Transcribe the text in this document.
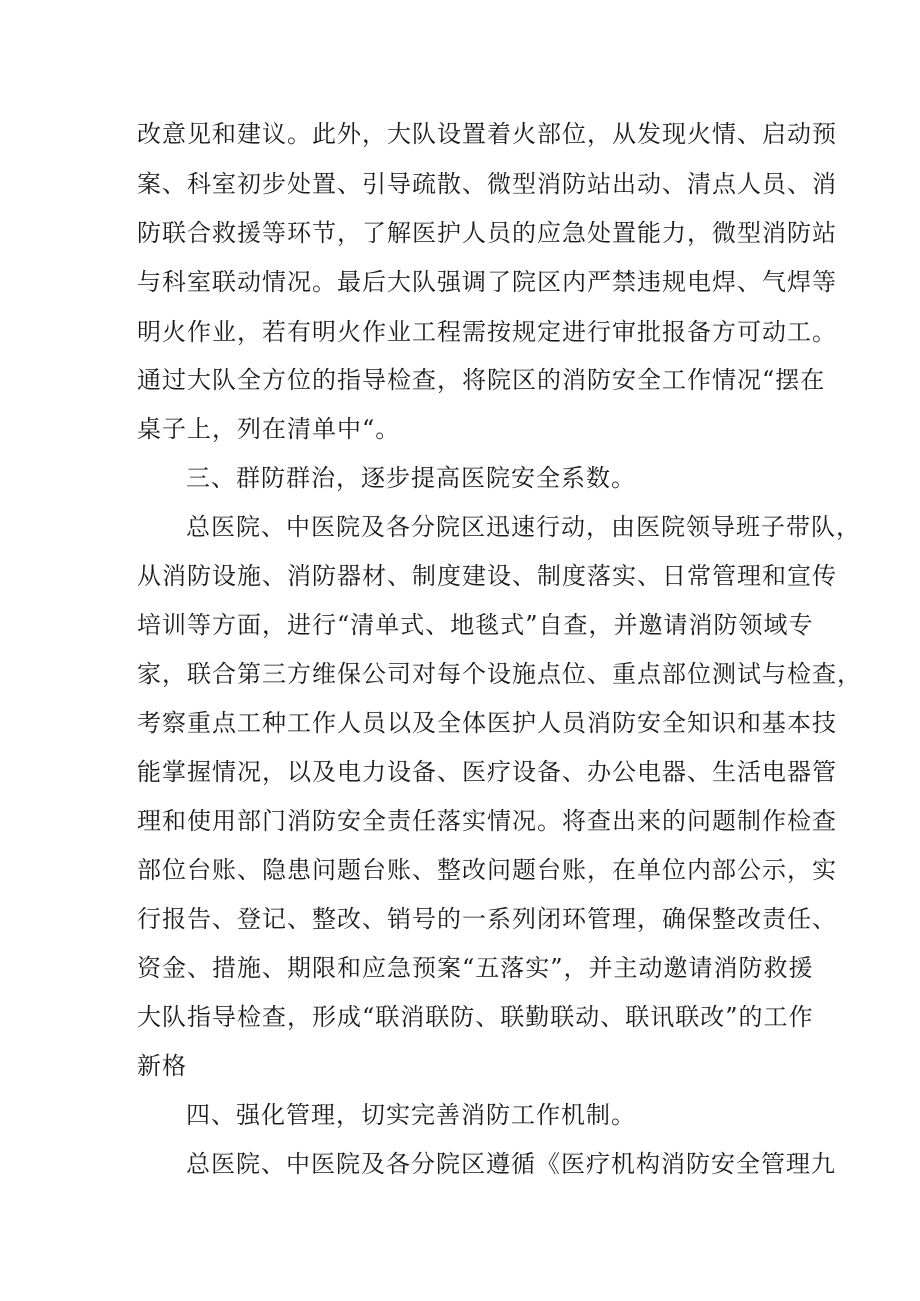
改意见和建议。此外，大队设置着火部位，从发现火情、启动预
案、科室初步处置、引导疏散、微型消防站出动、清点人员、消
防联合救援等环节，了解医护人员的应急处置能力，微型消防站
与科室联动情况。最后大队强调了院区内严禁违规电焊、气焊等
明火作业，若有明火作业工程需按规定进行审批报备方可动工。
通过大队全方位的指导检查，将院区的消防安全工作情况“摆在
桌子上，列在清单中“。
三、群防群治，逐步提高医院安全系数。
总医院、中医院及各分院区迅速行动，由医院领导班子带队，
从消防设施、消防器材、制度建设、制度落实、日常管理和宣传
培训等方面，进行“清单式、地毯式”自查，并邀请消防领域专
家，联合第三方维保公司对每个设施点位、重点部位测试与检查，
考察重点工种工作人员以及全体医护人员消防安全知识和基本技
能掌握情况，以及电力设备、医疗设备、办公电器、生活电器管
理和使用部门消防安全责任落实情况。将查出来的问题制作检查
部位台账、隐患问题台账、整改问题台账，在单位内部公示，实
行报告、登记、整改、销号的一系列闭环管理，确保整改责任、
资金、措施、期限和应急预案“五落实”，并主动邀请消防救援
大队指导检查，形成“联消联防、联勤联动、联讯联改”的工作
新格
四、强化管理，切实完善消防工作机制。
总医院、中医院及各分院区遵循《医疗机构消防安全管理九
